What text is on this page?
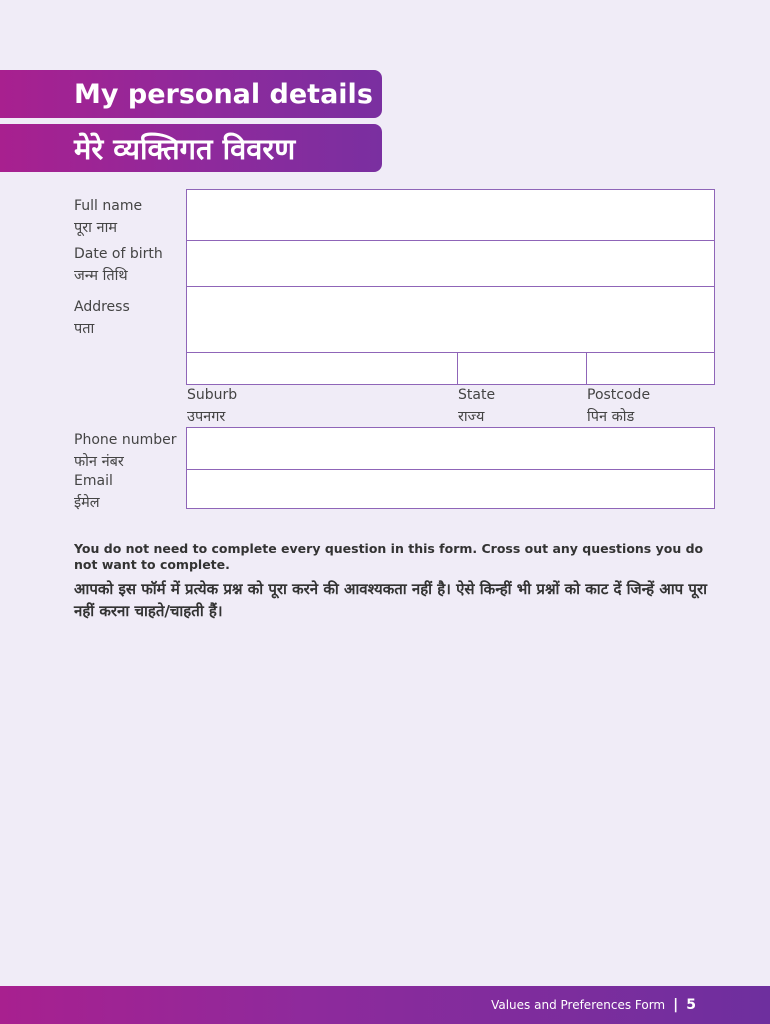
My personal details
मेरे व्यक्तिगत विवरण
Full name
पूरा नाम
Date of birth
जन्म तिथि
Address
पता
Suburb
उपनगर
State
राज्य
Postcode
पिन कोड
Phone number
फोन नंबर
Email
ईमेल
You do not need to complete every question in this form. Cross out any questions you do not want to complete.
आपको इस फॉर्म में प्रत्येक प्रश्न को पूरा करने की आवश्यकता नहीं है। ऐसे किन्हीं भी प्रश्नों को काट दें जिन्हें आप पूरा नहीं करना चाहते/चाहती हैं।
Values and Preferences Form | 5
